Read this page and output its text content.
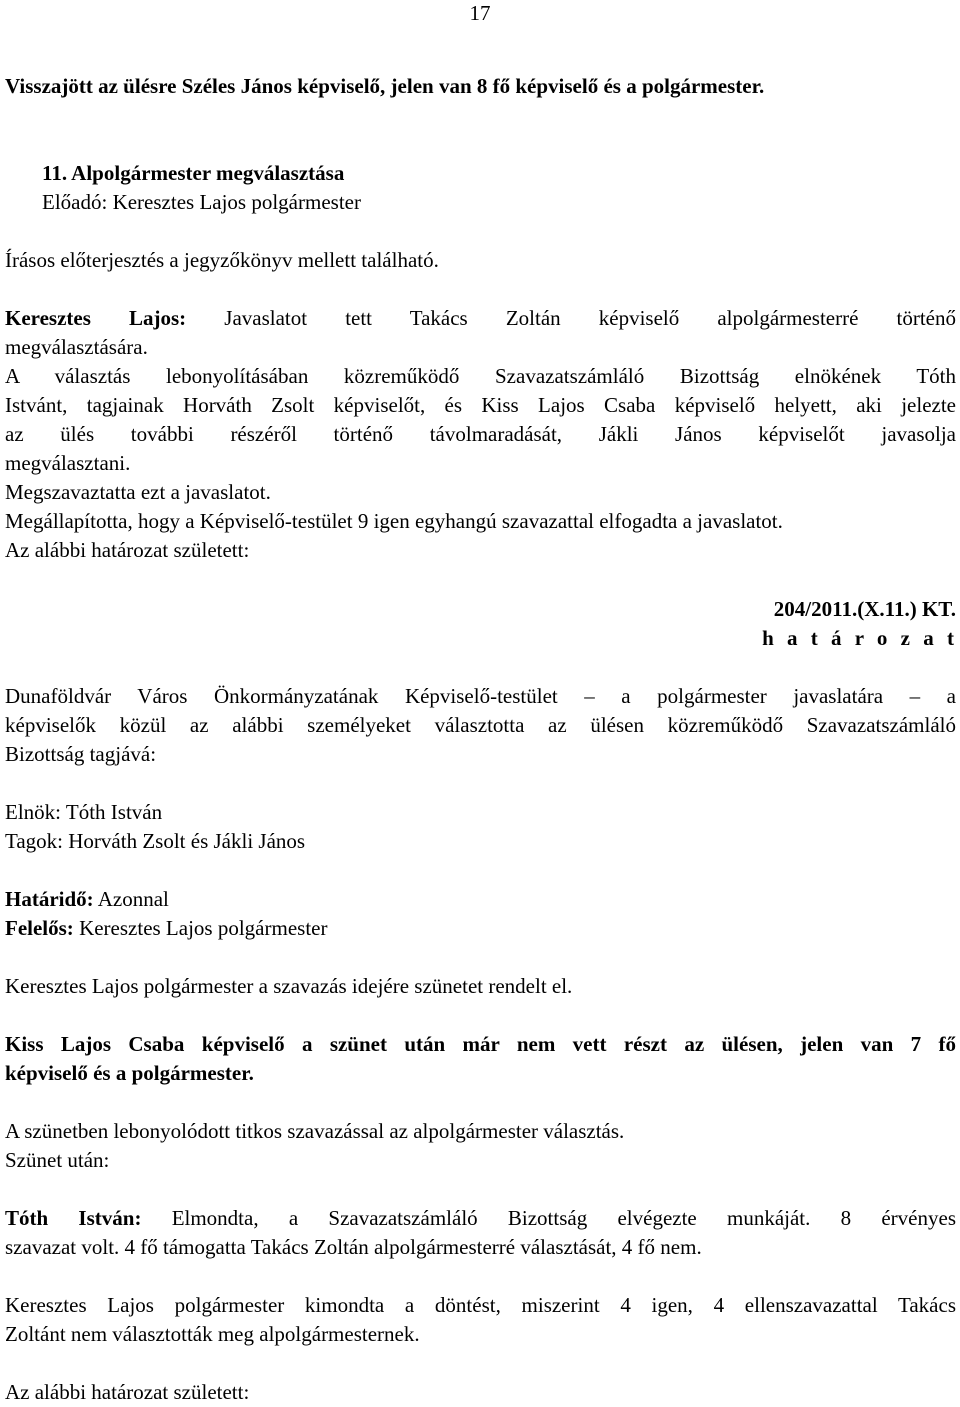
17
Visszajött az ülésre Széles János képviselő, jelen van 8 fő képviselő és a polgármester.
11. Alpolgármester megválasztása
Előadó: Keresztes Lajos polgármester
Írásos előterjesztés a jegyzőkönyv mellett található.
Keresztes Lajos: Javaslatot tett Takács Zoltán képviselő alpolgármesterré történő
megválasztására.
A választás lebonyolításában közreműködő Szavazatszámláló Bizottság elnökének Tóth
Istvánt, tagjainak Horváth Zsolt képviselőt, és Kiss Lajos Csaba képviselő helyett, aki jelezte
az ülés további részéről történő távolmaradását, Jákli János képviselőt javasolja
megválasztani.
Megszavaztatta ezt a javaslatot.
Megállapította, hogy a Képviselő-testület 9 igen egyhangú szavazattal elfogadta a javaslatot.
Az alábbi határozat született:
204/2011.(X.11.) KT.
h a t á r o z a t
Dunaföldvár Város Önkormányzatának Képviselő-testület – a polgármester javaslatára – a
képviselők közül az alábbi személyeket választotta az ülésen közreműködő Szavazatszámláló
Bizottság tagjává:
Elnök: Tóth István
Tagok: Horváth Zsolt és Jákli János
Határidő: Azonnal
Felelős: Keresztes Lajos polgármester
Keresztes Lajos polgármester a szavazás idejére szünetet rendelt el.
Kiss Lajos Csaba képviselő a szünet után már nem vett részt az ülésen, jelen van 7 fő
képviselő és a polgármester.
A szünetben lebonyolódott titkos szavazással az alpolgármester választás.
Szünet után:
Tóth István: Elmondta, a Szavazatszámláló Bizottság elvégezte munkáját. 8 érvényes
szavazat volt. 4 fő támogatta Takács Zoltán alpolgármesterré választását, 4 fő nem.
Keresztes Lajos polgármester kimondta a döntést, miszerint 4 igen, 4 ellenszavazattal Takács
Zoltánt nem választották meg alpolgármesternek.
Az alábbi határozat született:
